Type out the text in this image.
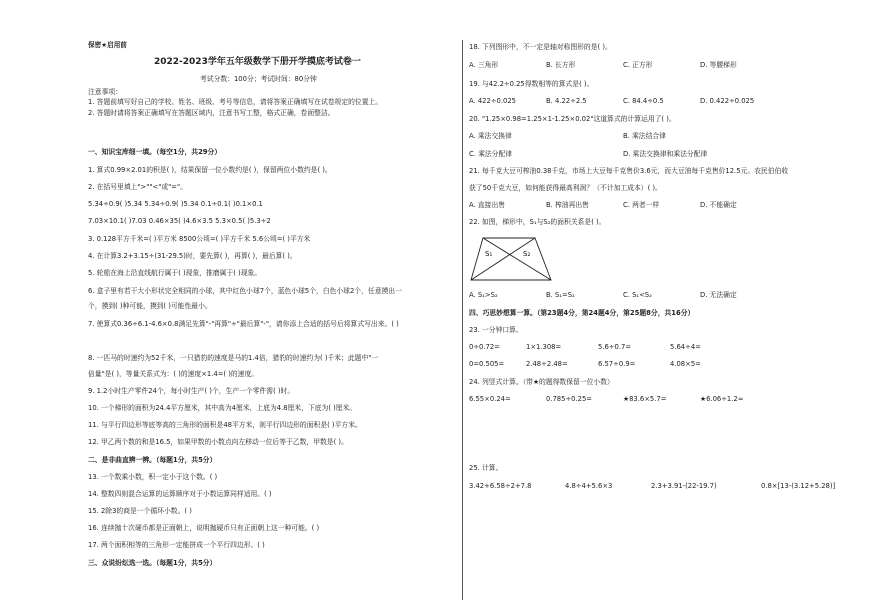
保密★启用前
2022-2023学年五年级数学下册开学摸底考试卷一
考试分数：100分；考试时间：80分钟
注意事项：
1. 答题前填写好自己的学校、姓名、班级、考号等信息，请将答案正确填写在试卷规定的位置上。
2. 答题时请将答案正确填写在答题区域内，注意书写工整，格式正确，卷面整洁。
一、知识宝库细一填。（每空1分，共29分）
1. 算式0.99×2.01的积是( )，结果保留一位小数约是( )，保留两位小数约是( )。
2. 在括号里填上">""<"或"="。
5.34÷0.9( )5.34 5.34÷0.9( )5.34 0.1÷0.1( )0.1×0.1
7.03×10.1( )7.03 0.46×35( )4.6×3.5 5.3×0.5( )5.3÷2
3. 0.128平方千米=( )平方米 8500公顷=( )平方千米 5.6公顷=( )平方米
4. 在计算3.2+3.15÷(31-29.5)时，要先算( )，再算( )，最后算( )。
5. 轮船在海上沿直线航行属于( )现象，推磨属于( )现象。
6. 盒子里有若干大小形状完全相同的小球，其中红色小球7个，蓝色小球5个，白色小球2个，任意摸出一
个，摸到( )种可能，摸到( )可能性最小。
7. 使算式0.36÷6.1-4.6×0.8满足先算"-"再算"÷"最后算"-"，请你添上合适的括号后将算式写出来。( )
8. 一匹马的时速约为52千米，一只猎豹的速度是马的1.4倍，猎豹的时速约为( )千米；此题中"一
倍量"是( )，等量关系式为：( )的速度×1.4=( )的速度。
9. 1.2小时生产零件24个，每小时生产( )个，生产一个零件需( )时。
10. 一个梯形的面积为24.4平方厘米，其中高为4厘米，上底为4.8厘米，下底为( )厘米。
11. 与平行四边形等底等高的三角形的面积是48平方米，则平行四边形的面积是( )平方米。
12. 甲乙两个数的和是16.5，如果甲数的小数点向左移动一位后等于乙数，甲数是( )。
二、是非曲直辨一辨。（每题1分，共5分）
13. 一个数乘小数，积一定小于这个数。( )
14. 整数四则混合运算的运算顺序对于小数运算同样适用。( )
15. 2除3的商是一个循环小数。( )
16. 连续抛十次硬币都是正面朝上，说明抛硬币只有正面朝上这一种可能。( )
17. 两个面积相等的三角形一定能拼成一个平行四边形。( )
三、众说纷纭选一选。（每题1分，共5分）
18. 下列图形中，不一定是轴对称图形的是( )。
A. 三角形	B. 长方形	C. 正方形	D. 等腰梯形
19. 与42.2÷0.25得数相等的算式是( )。
A. 422÷0.025	B. 4.22÷2.5	C. 84.4÷0.5	D. 0.422÷0.025
20. "1.25×0.98=1.25×1-1.25×0.02"这道算式的计算运用了( )。
A. 乘法交换律	B. 乘法结合律
C. 乘法分配律	D. 乘法交换律和乘法分配律
21. 每千克大豆可榨油0.38千克，市场上大豆每千克售价3.6元，而大豆油每千克售价12.5元。农民伯伯收
获了50千克大豆，如何能获得最高利润？（不计加工成本）( )。
A. 直接出售	B. 榨油再出售	C. 两者一样	D. 不能确定
22. 如图，梯形中，S₁与S₂的面积关系是( )。
S₁	S₂
A. S₁>S₂	B. S₁=S₂	C. S₁<S₂	D. 无法确定
四、巧思妙想算一算。（第23题4分，第24题4分，第25题8分，共16分）
23. 一分钟口算。
0÷0.72=	1×1.308=	5.6÷0.7=	5.64÷4=
0=0.505=	2.48÷2.48=	6.57÷0.9=	4.08×5=
24. 列竖式计算。（带★的题得数保留一位小数）
6.55×0.24=	0.785÷0.25=	★83.6×5.7=	★6.06÷1.2≈
25. 计算。
3.42+6.58÷2+7.8	4.8÷4+5.6×3	2.3+3.91-(22-19.7)	0.8×[13-(3.12+5.28)]
